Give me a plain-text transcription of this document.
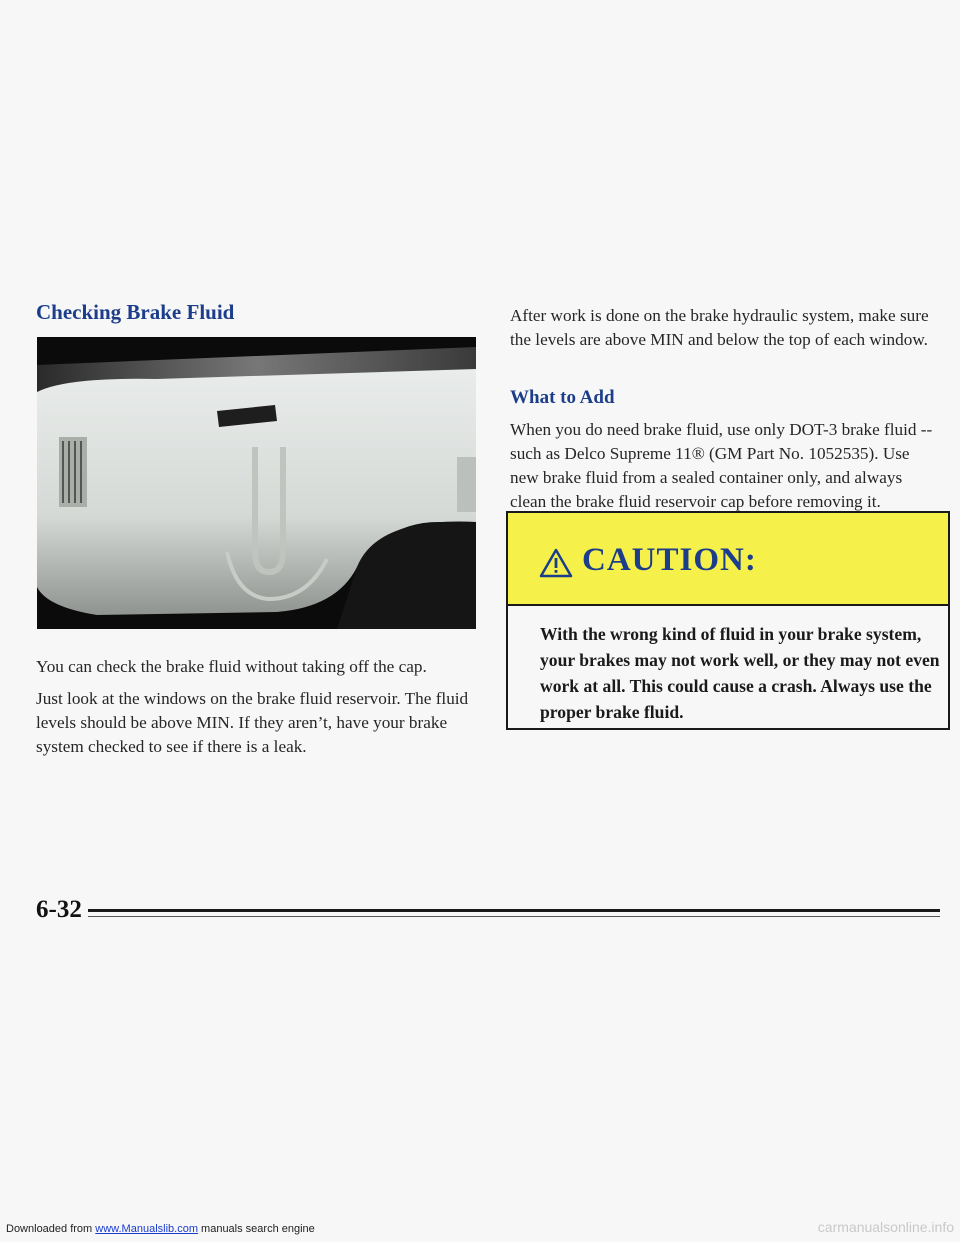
Checking Brake Fluid

You can check the brake fluid without taking off the cap.

Just look at the windows on the brake fluid reservoir. The fluid levels should be above MIN. If they aren’t, have your brake system checked to see if there is a leak.

After work is done on the brake hydraulic system, make sure the levels are above MIN and below the top of each window.

What to Add

When you do need brake fluid, use only DOT-3 brake fluid -- such as Delco Supreme 11® (GM Part No. 1052535). Use new brake fluid from a sealed container only, and always clean the brake fluid reservoir cap before removing it.

CAUTION:

With the wrong kind of fluid in your brake system, your brakes may not work well, or they may not even work at all. This could cause a crash. Always use the proper brake fluid.

6-32

Downloaded from www.Manualslib.com manuals search engine	carmanualsonline.info
